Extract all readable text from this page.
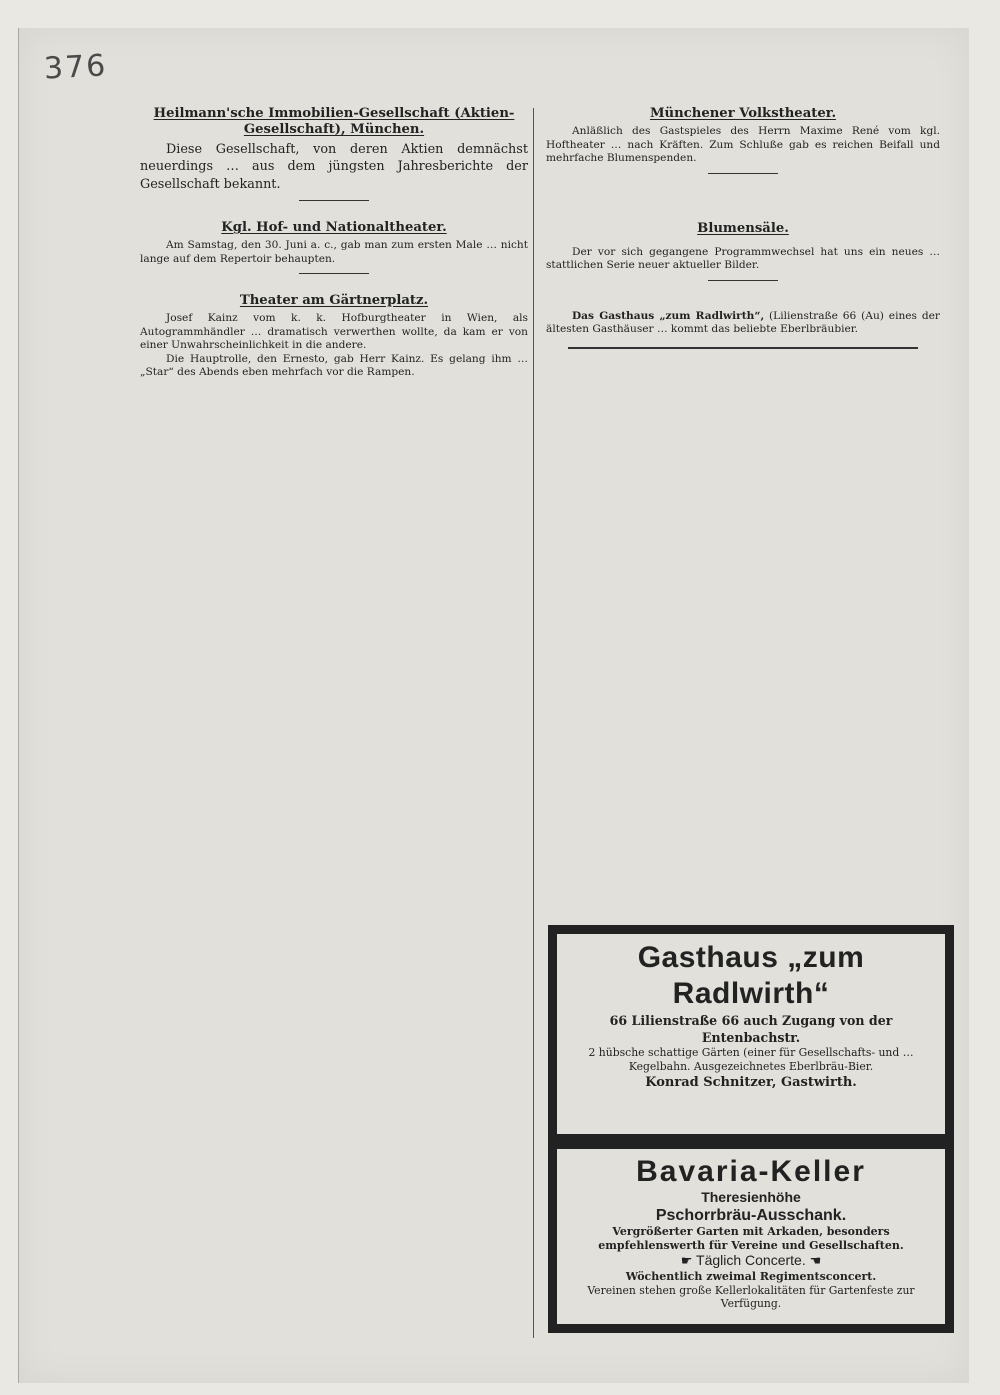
376
Heilmann'sche Immobilien-Gesellschaft (Aktien-Gesellschaft), München.

Diese Gesellschaft, von deren Aktien demnächst neuerdings … aus dem jüngsten Jahresberichte der Gesellschaft bekannt.

Kgl. Hof- und Nationaltheater.

Am Samstag, den 30. Juni a. c., gab man zum ersten Male … nicht lange auf dem Repertoir behaupten.

Theater am Gärtnerplatz.

Josef Kainz vom k. k. Hofburgtheater in Wien, als Autogrammhändler … dramatisch verwerthen wollte, da kam er von einer Unwahrscheinlichkeit in die andere.

Die Hauptrolle, den Ernesto, gab Herr Kainz. Es gelang ihm … „Star“ des Abends eben mehrfach vor die Rampen.

Münchener Volkstheater.

Anläßlich des Gastspieles des Herrn Maxime René vom kgl. Hoftheater … nach Kräften. Zum Schluße gab es reichen Beifall und mehrfache Blumenspenden.

Blumensäle.

Der vor sich gegangene Programmwechsel hat uns ein neues … stattlichen Serie neuer aktueller Bilder.

Das Gasthaus „zum Radlwirth“, (Lilienstraße 66 (Au) eines der ältesten Gasthäuser … kommt das beliebte Eberlbräubier.

Gasthaus „zum Radlwirth“
66 Lilienstraße 66 auch Zugang von der Entenbachstr.
2 hübsche schattige Gärten (einer für Gesellschafts- und … Kegelbahn. Ausgezeichnetes Eberlbräu-Bier.
Konrad Schnitzer, Gastwirth.
Bavaria-Keller
Theresienhöhe
Pschorrbräu-Ausschank.
Vergrößerter Garten mit Arkaden, besonders empfehlenswerth für Vereine und Gesellschaften.
☛ Täglich Concerte. ☚
Wöchentlich zweimal Regimentsconcert.
Vereinen stehen große Kellerlokalitäten für Gartenfeste zur Verfügung.
